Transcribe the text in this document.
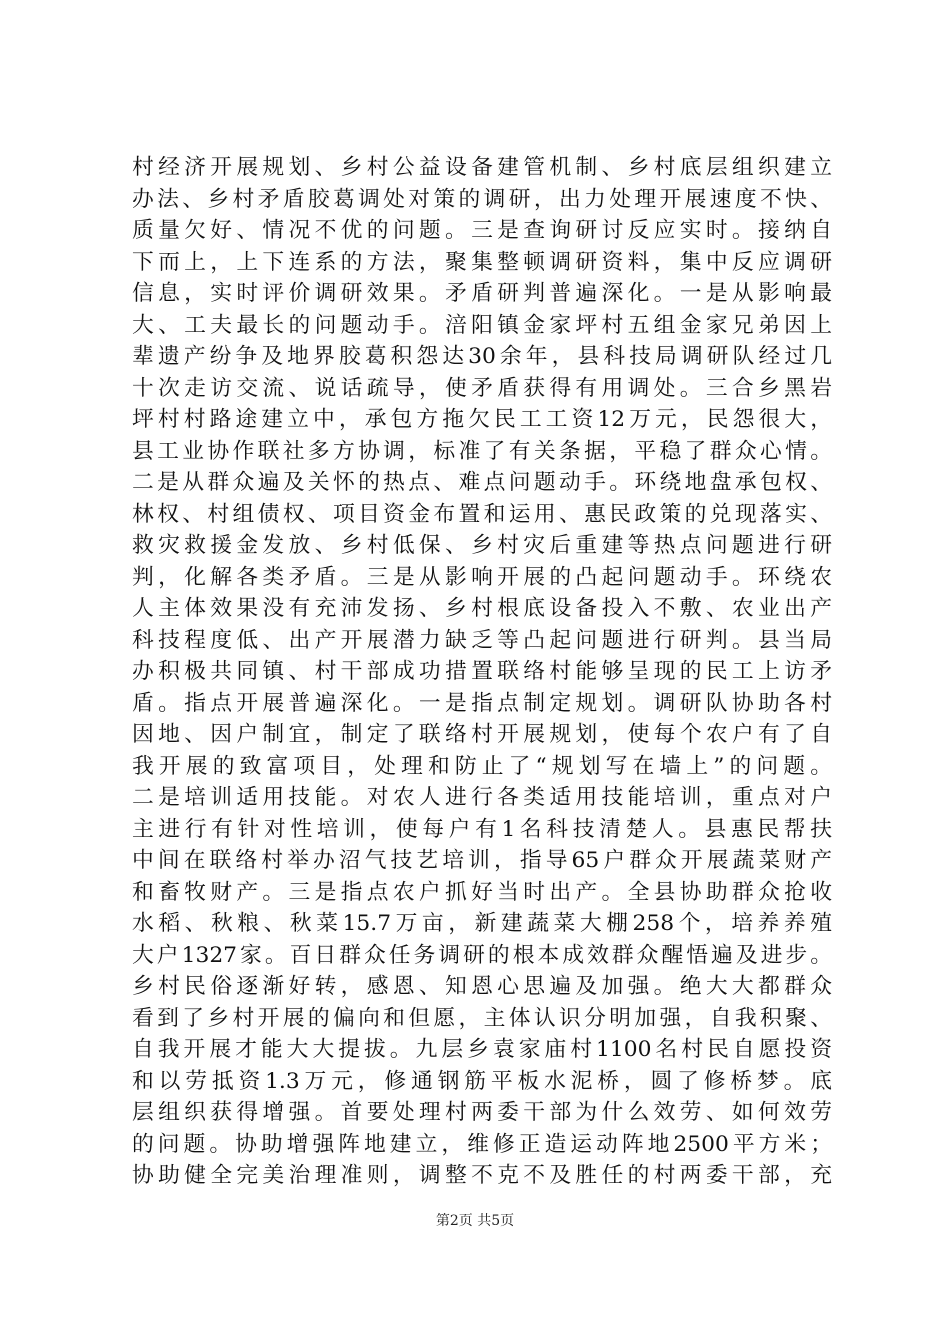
村经济开展规划、乡村公益设备建管机制、乡村底层组织建立
办法、乡村矛盾胶葛调处对策的调研，出力处理开展速度不快、
质量欠好、情况不优的问题。三是查询研讨反应实时。接纳自
下而上，上下连系的方法，聚集整顿调研资料，集中反应调研
信息，实时评价调研效果。矛盾研判普遍深化。一是从影响最
大、工夫最长的问题动手。涪阳镇金家坪村五组金家兄弟因上
辈遗产纷争及地界胶葛积怨达30余年，县科技局调研队经过几
十次走访交流、说话疏导，使矛盾获得有用调处。三合乡黑岩
坪村村路途建立中，承包方拖欠民工工资12万元，民怨很大，
县工业协作联社多方协调，标准了有关条据，平稳了群众心情。
二是从群众遍及关怀的热点、难点问题动手。环绕地盘承包权、
林权、村组债权、项目资金布置和运用、惠民政策的兑现落实、
救灾救援金发放、乡村低保、乡村灾后重建等热点问题进行研
判，化解各类矛盾。三是从影响开展的凸起问题动手。环绕农
人主体效果没有充沛发扬、乡村根底设备投入不敷、农业出产
科技程度低、出产开展潜力缺乏等凸起问题进行研判。县当局
办积极共同镇、村干部成功措置联络村能够呈现的民工上访矛
盾。指点开展普遍深化。一是指点制定规划。调研队协助各村
因地、因户制宜，制定了联络村开展规划，使每个农户有了自
我开展的致富项目，处理和防止了“规划写在墙上”的问题。
二是培训适用技能。对农人进行各类适用技能培训，重点对户
主进行有针对性培训，使每户有1名科技清楚人。县惠民帮扶
中间在联络村举办沼气技艺培训，指导65户群众开展蔬菜财产
和畜牧财产。三是指点农户抓好当时出产。全县协助群众抢收
水稻、秋粮、秋菜15.7万亩，新建蔬菜大棚258个，培养养殖
大户1327家。百日群众任务调研的根本成效群众醒悟遍及进步。
乡村民俗逐渐好转，感恩、知恩心思遍及加强。绝大大都群众
看到了乡村开展的偏向和但愿，主体认识分明加强，自我积聚、
自我开展才能大大提拔。九层乡袁家庙村1100名村民自愿投资
和以劳抵资1.3万元，修通钢筋平板水泥桥，圆了修桥梦。底
层组织获得增强。首要处理村两委干部为什么效劳、如何效劳
的问题。协助增强阵地建立，维修正造运动阵地2500平方米；
协助健全完美治理准则，调整不克不及胜任的村两委干部，充
第2页 共5页
